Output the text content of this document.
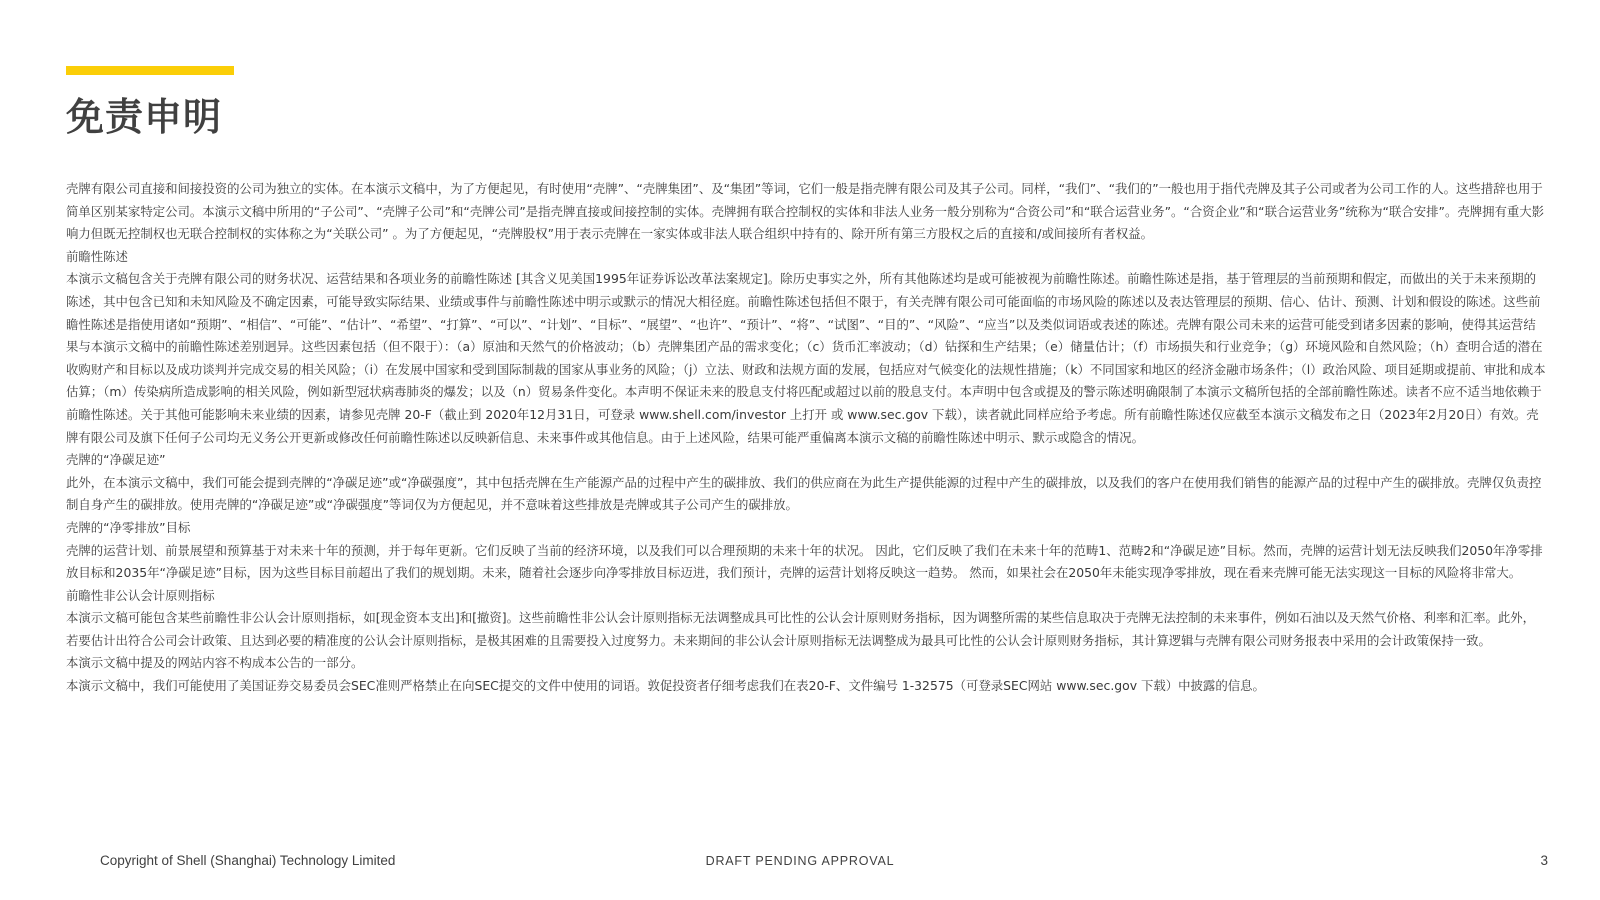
免责申明

壳牌有限公司直接和间接投资的公司为独立的实体。在本演示文稿中，为了方便起见，有时使用“壳牌”、“壳牌集团”、及“集团”等词，它们一般是指壳牌有限公司及其子公司。同样，“我们”、“我们的”一般也用于指代壳牌及其子公司或者为公司工作的人。这些措辞也用于简单区别某家特定公司。本演示文稿中所用的“子公司”、“壳牌子公司”和“壳牌公司”是指壳牌直接或间接控制的实体。壳牌拥有联合控制权的实体和非法人业务一般分别称为“合资公司”和“联合运营业务”。“合资企业”和“联合运营业务”统称为“联合安排”。壳牌拥有重大影响力但既无控制权也无联合控制权的实体称之为“关联公司” 。为了方便起见，“壳牌股权”用于表示壳牌在一家实体或非法人联合组织中持有的、除开所有第三方股权之后的直接和/或间接所有者权益。

前瞻性陈述

本演示文稿包含关于壳牌有限公司的财务状况、运营结果和各项业务的前瞻性陈述 [其含义见美国1995年证券诉讼改革法案规定]。除历史事实之外，所有其他陈述均是或可能被视为前瞻性陈述。前瞻性陈述是指，基于管理层的当前预期和假定，而做出的关于未来预期的陈述，其中包含已知和未知风险及不确定因素，可能导致实际结果、业绩或事件与前瞻性陈述中明示或默示的情况大相径庭。前瞻性陈述包括但不限于，有关壳牌有限公司可能面临的市场风险的陈述以及表达管理层的预期、信心、估计、预测、计划和假设的陈述。这些前瞻性陈述是指使用诸如“预期”、“相信”、“可能”、“估计”、“希望”、“打算”、“可以”、“计划”、“目标”、“展望”、“也许”、“预计”、“将”、“试图”、“目的”、“风险”、“应当”以及类似词语或表述的陈述。壳牌有限公司未来的运营可能受到诸多因素的影响，使得其运营结果与本演示文稿中的前瞻性陈述差别迥异。这些因素包括（但不限于）：（a）原油和天然气的价格波动；（b）壳牌集团产品的需求变化；（c）货币汇率波动；（d）钻探和生产结果；（e）储量估计；（f）市场损失和行业竞争；（g）环境风险和自然风险；（h）查明合适的潜在收购财产和目标以及成功谈判并完成交易的相关风险；（i）在发展中国家和受到国际制裁的国家从事业务的风险；（j）立法、财政和法规方面的发展，包括应对气候变化的法规性措施；（k）不同国家和地区的经济金融市场条件；（l）政治风险、项目延期或提前、审批和成本估算；（m）传染病所造成影响的相关风险，例如新型冠状病毒肺炎的爆发；以及（n）贸易条件变化。本声明不保证未来的股息支付将匹配或超过以前的股息支付。本声明中包含或提及的警示陈述明确限制了本演示文稿所包括的全部前瞻性陈述。读者不应不适当地依赖于前瞻性陈述。关于其他可能影响未来业绩的因素，请参见壳牌 20-F（截止到 2020年12月31日，可登录 www.shell.com/investor 上打开 或 www.sec.gov 下载），读者就此同样应给予考虑。所有前瞻性陈述仅应截至本演示文稿发布之日（2023年2月20日）有效。壳牌有限公司及旗下任何子公司均无义务公开更新或修改任何前瞻性陈述以反映新信息、未来事件或其他信息。由于上述风险，结果可能严重偏离本演示文稿的前瞻性陈述中明示、默示或隐含的情况。

壳牌的“净碳足迹”

此外，在本演示文稿中，我们可能会提到壳牌的“净碳足迹”或“净碳强度”，其中包括壳牌在生产能源产品的过程中产生的碳排放、我们的供应商在为此生产提供能源的过程中产生的碳排放，以及我们的客户在使用我们销售的能源产品的过程中产生的碳排放。壳牌仅负责控制自身产生的碳排放。使用壳牌的“净碳足迹”或“净碳强度”等词仅为方便起见，并不意味着这些排放是壳牌或其子公司产生的碳排放。

壳牌的“净零排放”目标

壳牌的运营计划、前景展望和预算基于对未来十年的预测，并于每年更新。它们反映了当前的经济环境，以及我们可以合理预期的未来十年的状况。 因此，它们反映了我们在未来十年的范畴1、范畴2和“净碳足迹”目标。然而，壳牌的运营计划无法反映我们2050年净零排放目标和2035年“净碳足迹”目标，因为这些目标目前超出了我们的规划期。未来，随着社会逐步向净零排放目标迈进，我们预计，壳牌的运营计划将反映这一趋势。 然而，如果社会在2050年未能实现净零排放，现在看来壳牌可能无法实现这一目标的风险将非常大。

前瞻性非公认会计原则指标

本演示文稿可能包含某些前瞻性非公认会计原则指标，如[现金资本支出]和[撤资]。这些前瞻性非公认会计原则指标无法调整成具可比性的公认会计原则财务指标，因为调整所需的某些信息取决于壳牌无法控制的未来事件，例如石油以及天然气价格、利率和汇率。此外，若要估计出符合公司会计政策、且达到必要的精准度的公认会计原则指标，是极其困难的且需要投入过度努力。未来期间的非公认会计原则指标无法调整成为最具可比性的公认会计原则财务指标，其计算逻辑与壳牌有限公司财务报表中采用的会计政策保持一致。

本演示文稿中提及的网站内容不构成本公告的一部分。

本演示文稿中，我们可能使用了美国证券交易委员会SEC准则严格禁止在向SEC提交的文件中使用的词语。敦促投资者仔细考虑我们在表20-F、文件编号 1-32575（可登录SEC网站 www.sec.gov 下载）中披露的信息。

Copyright of Shell (Shanghai) Technology Limited	DRAFT PENDING APPROVAL	3
